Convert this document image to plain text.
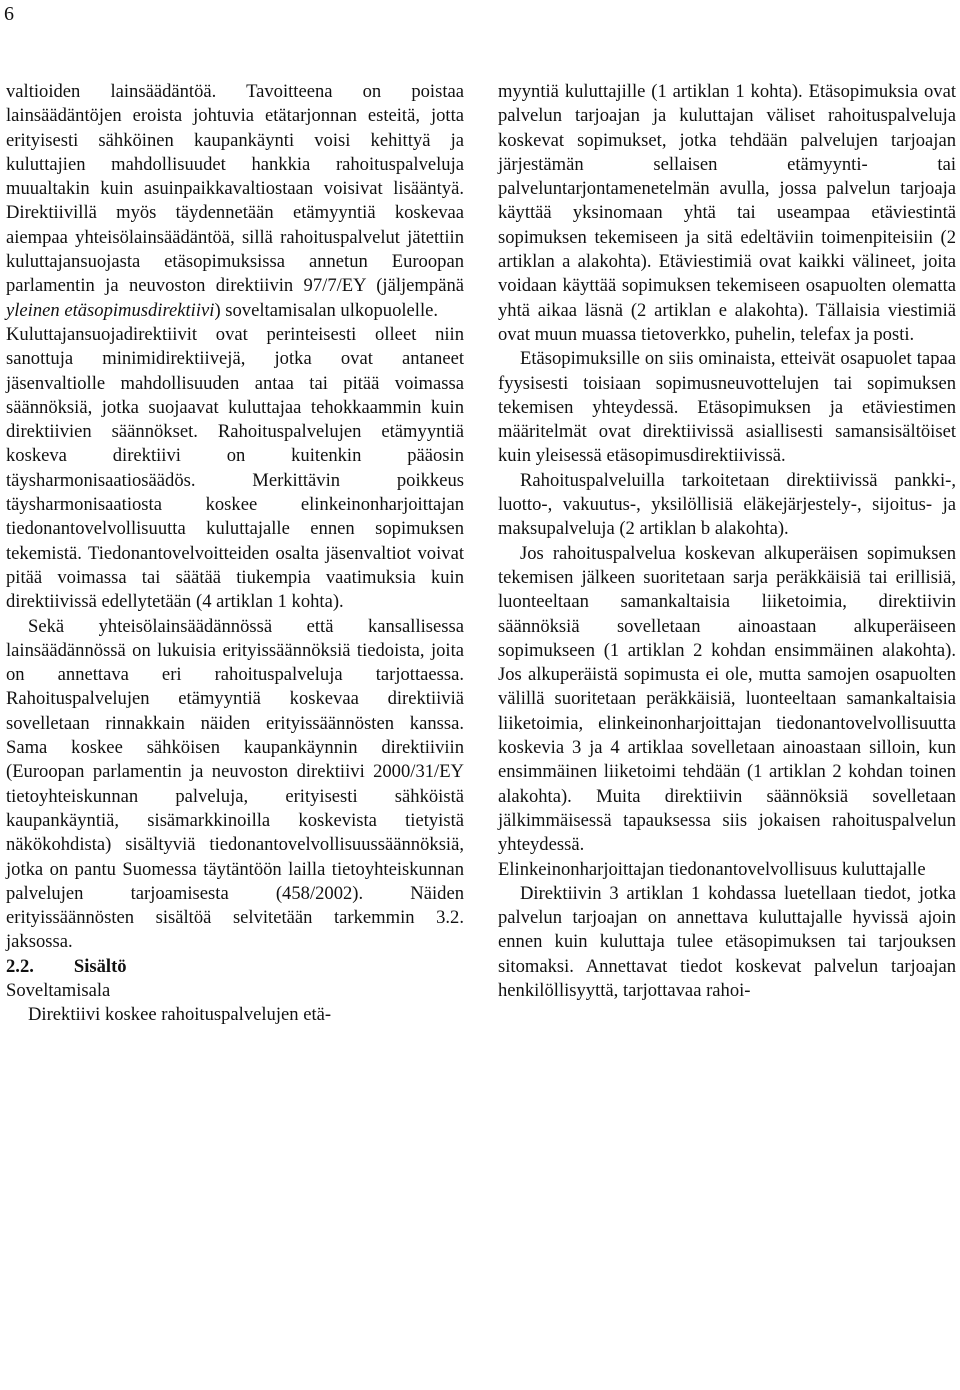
6

valtioiden lainsäädäntöä. Tavoitteena on poistaa lainsäädäntöjen eroista johtuvia etätarjonnan esteitä, jotta erityisesti sähköinen kaupankäynti voisi kehittyä ja kuluttajien mahdollisuudet hankkia rahoituspalveluja muualtakin kuin asuinpaikkavaltiostaan voisivat lisääntyä. Direktiivillä myös täydennetään etämyyntiä koskevaa aiempaa yhteisölainsäädäntöä, sillä rahoituspalvelut jätettiin kuluttajansuojasta etäsopimuksissa annetun Euroopan parlamentin ja neuvoston direktiivin 97/7/EY (jäljempänä yleinen etäsopimusdirektiivi) soveltamisalan ulkopuolelle.

Kuluttajansuojadirektiivit ovat perinteisesti olleet niin sanottuja minimidirektiivejä, jotka ovat antaneet jäsenvaltiolle mahdollisuuden antaa tai pitää voimassa säännöksiä, jotka suojaavat kuluttajaa tehokkaammin kuin direktiivien säännökset. Rahoituspalvelujen etämyyntiä koskeva direktiivi on kuitenkin pääosin täysharmonisaatiosäädös. Merkittävin poikkeus täysharmonisaatiosta koskee elinkeinonharjoittajan tiedonantovelvollisuutta kuluttajalle ennen sopimuksen tekemistä. Tiedonantovelvoitteiden osalta jäsenvaltiot voivat pitää voimassa tai säätää tiukempia vaatimuksia kuin direktiivissä edellytetään (4 artiklan 1 kohta).

Sekä yhteisölainsäädännössä että kansallisessa lainsäädännössä on lukuisia erityissäännöksiä tiedoista, joita on annettava eri rahoituspalveluja tarjottaessa. Rahoituspalvelujen etämyyntiä koskevaa direktiiviä sovelletaan rinnakkain näiden erityissäännösten kanssa. Sama koskee sähköisen kaupankäynnin direktiiviin (Euroopan parlamentin ja neuvoston direktiivi 2000/31/EY tietoyhteiskunnan palveluja, erityisesti sähköistä kaupankäyntiä, sisämarkkinoilla koskevista tietyistä näkökohdista) sisältyviä tiedonantovelvollisuussäännöksiä, jotka on pantu Suomessa täytäntöön lailla tietoyhteiskunnan palvelujen tarjoamisesta (458/2002). Näiden erityissäännösten sisältöä selvitetään tarkemmin 3.2. jaksossa.

2.2. Sisältö

Soveltamisala

Direktiivi koskee rahoituspalvelujen etä-

myyntiä kuluttajille (1 artiklan 1 kohta). Etäsopimuksia ovat palvelun tarjoajan ja kuluttajan väliset rahoituspalveluja koskevat sopimukset, jotka tehdään palvelujen tarjoajan järjestämän sellaisen etämyynti- tai palveluntarjontamenetelmän avulla, jossa palvelun tarjoaja käyttää yksinomaan yhtä tai useampaa etäviestintä sopimuksen tekemiseen ja sitä edeltäviin toimenpiteisiin (2 artiklan a alakohta). Etäviestimiä ovat kaikki välineet, joita voidaan käyttää sopimuksen tekemiseen osapuolten olematta yhtä aikaa läsnä (2 artiklan e alakohta). Tällaisia viestimiä ovat muun muassa tietoverkko, puhelin, telefax ja posti.

Etäsopimuksille on siis ominaista, etteivät osapuolet tapaa fyysisesti toisiaan sopimusneuvottelujen tai sopimuksen tekemisen yhteydessä. Etäsopimuksen ja etäviestimen määritelmät ovat direktiivissä asiallisesti samansisältöiset kuin yleisessä etäsopimusdirektiivissä.

Rahoituspalveluilla tarkoitetaan direktiivissä pankki-, luotto-, vakuutus-, yksilöllisiä eläkejärjestely-, sijoitus- ja maksupalveluja (2 artiklan b alakohta).

Jos rahoituspalvelua koskevan alkuperäisen sopimuksen tekemisen jälkeen suoritetaan sarja peräkkäisiä tai erillisiä, luonteeltaan samankaltaisia liiketoimia, direktiivin säännöksiä sovelletaan ainoastaan alkuperäiseen sopimukseen (1 artiklan 2 kohdan ensimmäinen alakohta). Jos alkuperäistä sopimusta ei ole, mutta samojen osapuolten välillä suoritetaan peräkkäisiä, luonteeltaan samankaltaisia liiketoimia, elinkeinonharjoittajan tiedonantovelvollisuutta koskevia 3 ja 4 artiklaa sovelletaan ainoastaan silloin, kun ensimmäinen liiketoimi tehdään (1 artiklan 2 kohdan toinen alakohta). Muita direktiivin säännöksiä sovelletaan jälkimmäisessä tapauksessa siis jokaisen rahoituspalvelun yhteydessä.

Elinkeinonharjoittajan tiedonantovelvollisuus kuluttajalle

Direktiivin 3 artiklan 1 kohdassa luetellaan tiedot, jotka palvelun tarjoajan on annettava kuluttajalle hyvissä ajoin ennen kuin kuluttaja tulee etäsopimuksen tai tarjouksen sitomaksi. Annettavat tiedot koskevat palvelun tarjoajan henkilöllisyyttä, tarjottavaa rahoi-
